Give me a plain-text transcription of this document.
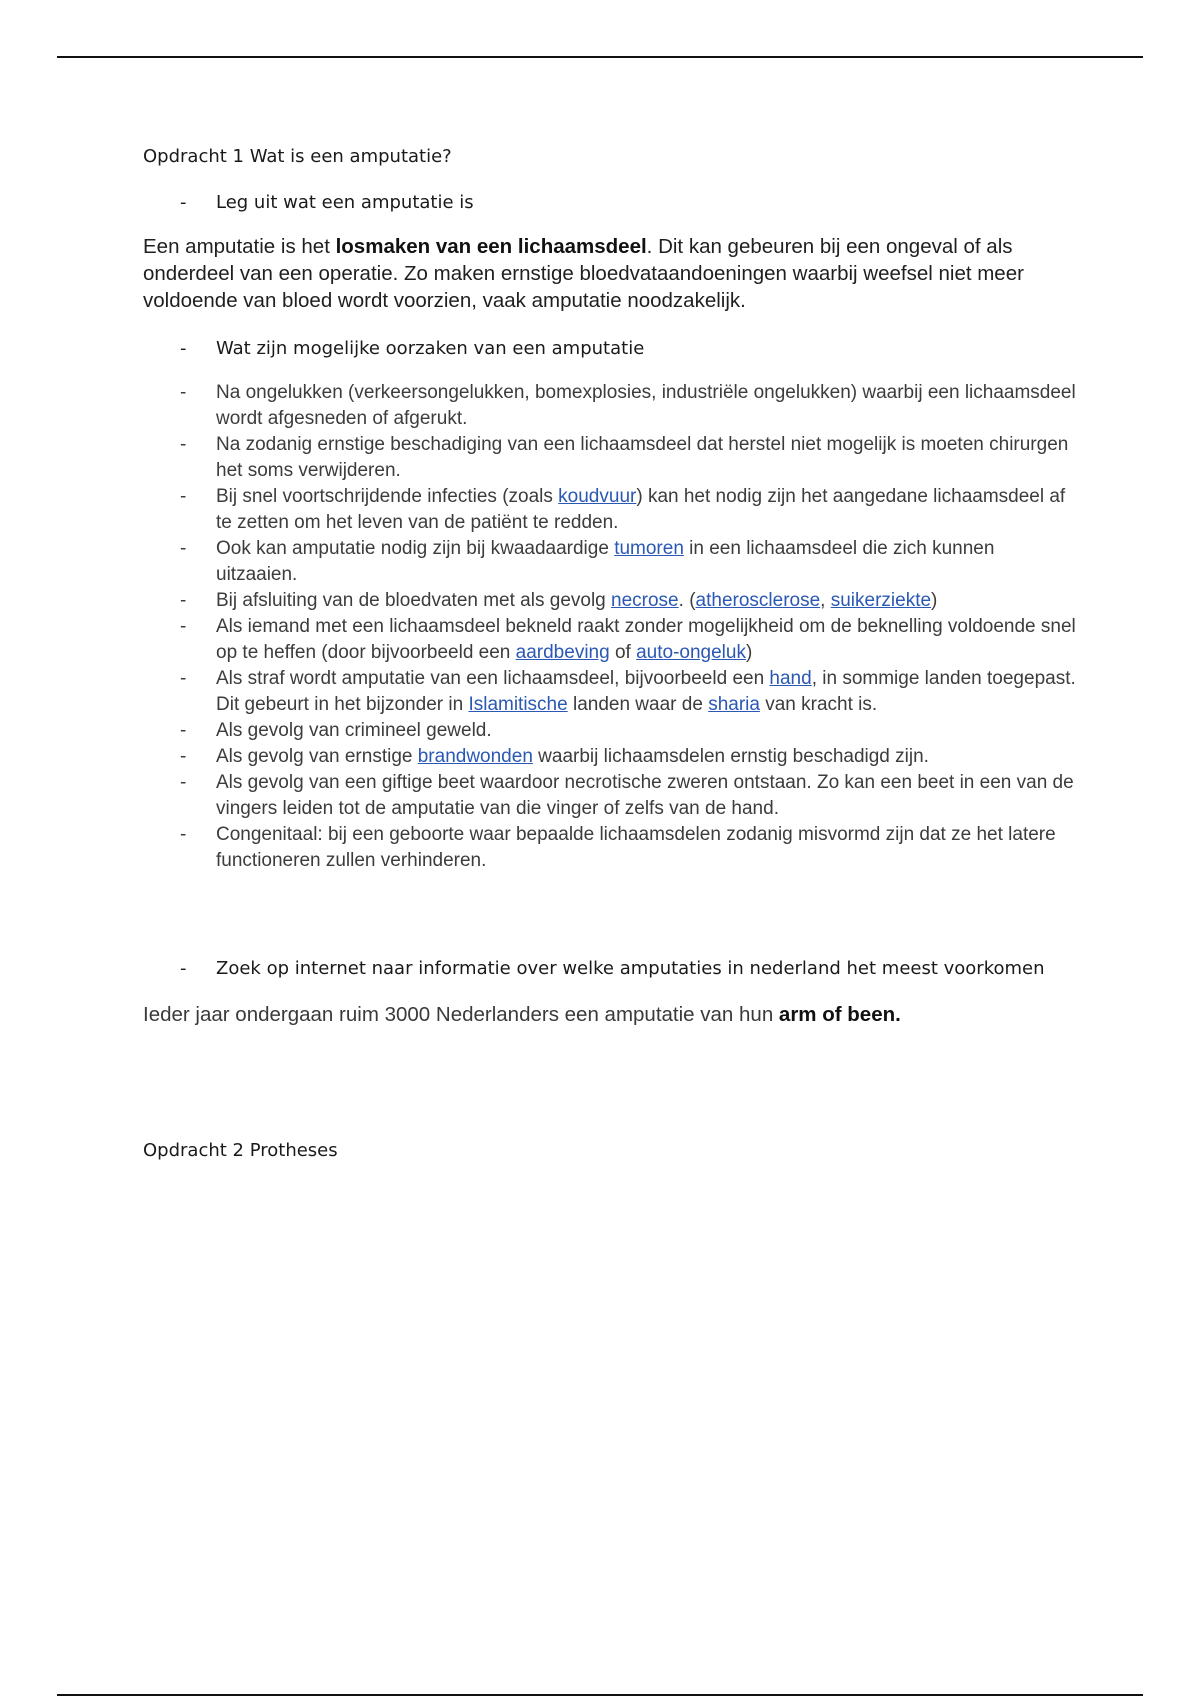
Opdracht 1 Wat is een amputatie?
- Leg uit wat een amputatie is

Een amputatie is het losmaken van een lichaamsdeel. Dit kan gebeuren bij een ongeval of als onderdeel van een operatie. Zo maken ernstige bloedvataandoeningen waarbij weefsel niet meer voldoende van bloed wordt voorzien, vaak amputatie noodzakelijk.

- Wat zijn mogelijke oorzaken van een amputatie
- Na ongelukken (verkeersongelukken, bomexplosies, industriële ongelukken) waarbij een lichaamsdeel wordt afgesneden of afgerukt.
- Na zodanig ernstige beschadiging van een lichaamsdeel dat herstel niet mogelijk is moeten chirurgen het soms verwijderen.
- Bij snel voortschrijdende infecties (zoals koudvuur) kan het nodig zijn het aangedane lichaamsdeel af te zetten om het leven van de patiënt te redden.
- Ook kan amputatie nodig zijn bij kwaadaardige tumoren in een lichaamsdeel die zich kunnen uitzaaien.
- Bij afsluiting van de bloedvaten met als gevolg necrose. (atherosclerose, suikerziekte)
- Als iemand met een lichaamsdeel bekneld raakt zonder mogelijkheid om de beknelling voldoende snel op te heffen (door bijvoorbeeld een aardbeving of auto-ongeluk)
- Als straf wordt amputatie van een lichaamsdeel, bijvoorbeeld een hand, in sommige landen toegepast. Dit gebeurt in het bijzonder in Islamitische landen waar de sharia van kracht is.
- Als gevolg van crimineel geweld.
- Als gevolg van ernstige brandwonden waarbij lichaamsdelen ernstig beschadigd zijn.
- Als gevolg van een giftige beet waardoor necrotische zweren ontstaan. Zo kan een beet in een van de vingers leiden tot de amputatie van die vinger of zelfs van de hand.
- Congenitaal: bij een geboorte waar bepaalde lichaamsdelen zodanig misvormd zijn dat ze het latere functioneren zullen verhinderen.
- Zoek op internet naar informatie over welke amputaties in nederland het meest voorkomen

Ieder jaar ondergaan ruim 3000 Nederlanders een amputatie van hun arm of been.

Opdracht 2 Protheses
